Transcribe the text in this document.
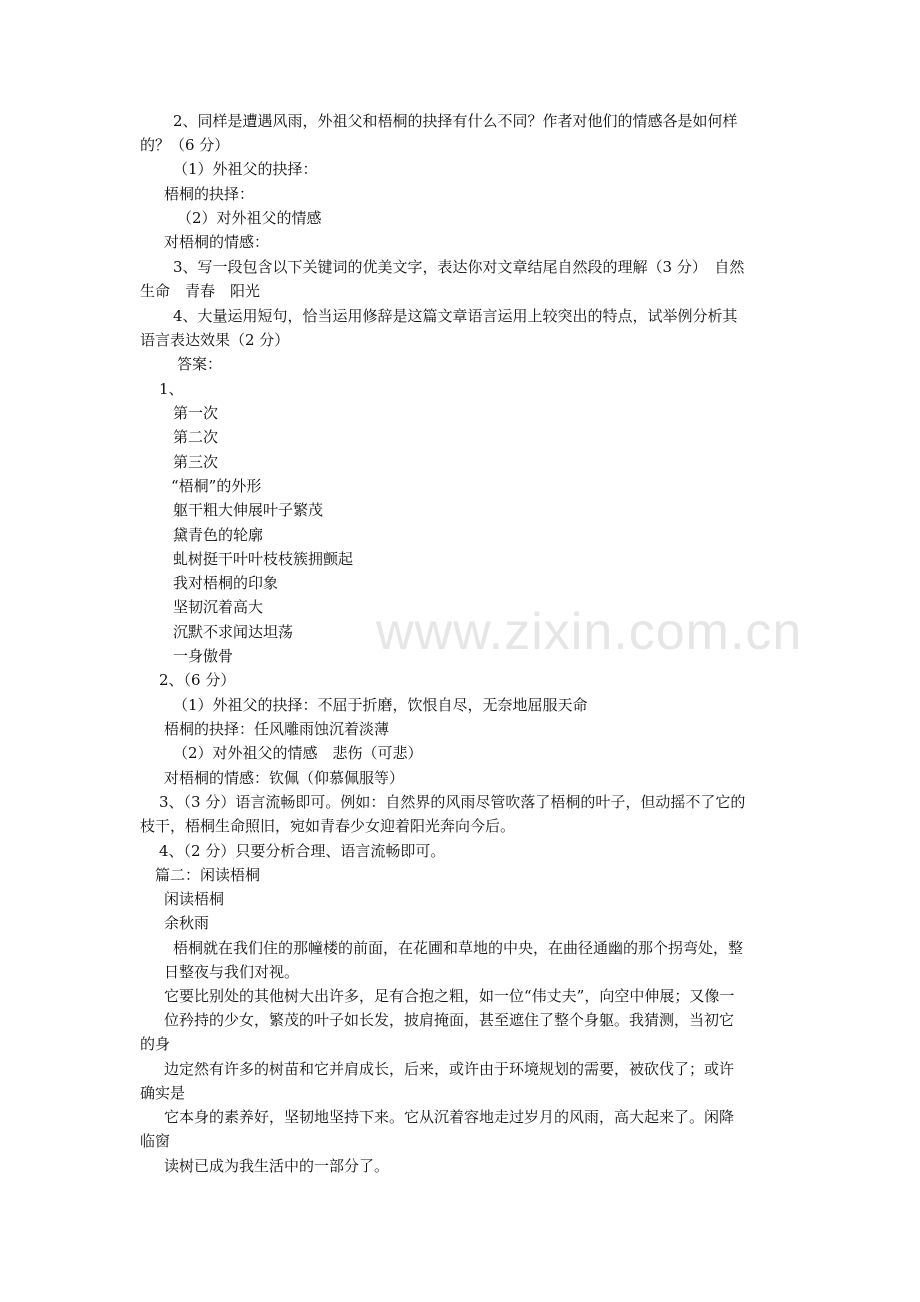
www.zixin.com.cn
2、同样是遭遇风雨，外祖父和梧桐的抉择有什么不同？作者对他们的情感各是如何样
的？（6 分）
（1）外祖父的抉择：
梧桐的抉择：
（2）对外祖父的情感
对梧桐的情感：
3、写一段包含以下关键词的优美文字，表达你对文章结尾自然段的理解（3 分）　自然
生命　青春　阳光
4、大量运用短句，恰当运用修辞是这篇文章语言运用上较突出的特点，试举例分析其
语言表达效果（2 分）
答案：
1、
第一次
第二次
第三次
“梧桐”的外形
躯干粗大伸展叶子繁茂
黛青色的轮廓
虬树挺干叶叶枝枝簇拥颤起
我对梧桐的印象
坚韧沉着高大
沉默不求闻达坦荡
一身傲骨
2、（6 分）
（1）外祖父的抉择：不屈于折磨，饮恨自尽，无奈地屈服天命
梧桐的抉择：任风雕雨蚀沉着淡薄
（2）对外祖父的情感　悲伤（可悲）
对梧桐的情感：钦佩（仰慕佩服等）
3、（3 分）语言流畅即可。例如：自然界的风雨尽管吹落了梧桐的叶子，但动摇不了它的
枝干，梧桐生命照旧，宛如青春少女迎着阳光奔向今后。
4、（2 分）只要分析合理、语言流畅即可。
篇二：闲读梧桐
闲读梧桐
余秋雨
梧桐就在我们住的那幢楼的前面，在花圃和草地的中央，在曲径通幽的那个拐弯处，整
日整夜与我们对视。
它要比别处的其他树大出许多，足有合抱之粗，如一位“伟丈夫”，向空中伸展；又像一
位矜持的少女，繁茂的叶子如长发，披肩掩面，甚至遮住了整个身躯。我猜测，当初它
的身
边定然有许多的树苗和它并肩成长，后来，或许由于环境规划的需要，被砍伐了；或许
确实是
它本身的素养好，坚韧地坚持下来。它从沉着容地走过岁月的风雨，高大起来了。闲降
临窗
读树已成为我生活中的一部分了。
